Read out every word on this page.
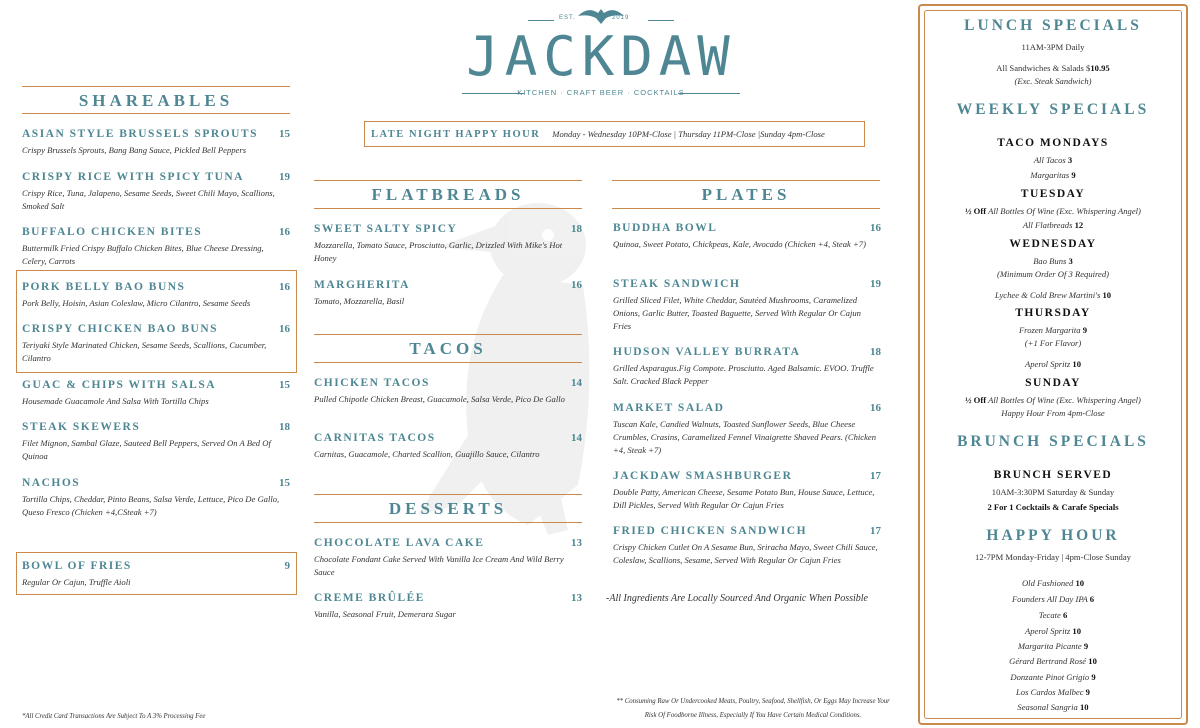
EST.	2019
JACKDAW
KITCHEN · CRAFT BEER · COCKTAILS
LATE NIGHT HAPPY HOUR Monday - Wednesday 10PM-Close | Thursday 11PM-Close |Sunday 4pm-Close
SHAREABLES
ASIAN STYLE BRUSSELS SPROUTS	15
Crispy Brussels Sprouts, Bang Bang Sauce, Pickled Bell Peppers
CRISPY RICE WITH SPICY TUNA	19
Crispy Rice, Tuna, Jalapeno, Sesame Seeds, Sweet Chili Mayo, Scallions, Smoked Salt
BUFFALO CHICKEN BITES	16
Buttermilk Fried Crispy Buffalo Chicken Bites, Blue Cheese Dressing, Celery, Carrots
PORK BELLY BAO BUNS	16
Pork Belly, Hoisin, Asian Coleslaw, Micro Cilantro, Sesame Seeds
CRISPY CHICKEN BAO BUNS	16
Teriyaki Style Marinated Chicken, Sesame Seeds, Scallions, Cucumber, Cilantro
GUAC & CHIPS WITH SALSA	15
Housemade Guacamole And Salsa With Tortilla Chips
STEAK SKEWERS	18
Filet Mignon, Sambal Glaze, Sauteed Bell Peppers, Served On A Bed Of Quinoa
NACHOS	15
Tortilla Chips, Cheddar, Pinto Beans, Salsa Verde, Lettuce, Pico De Gallo, Queso Fresco (Chicken +4,CSteak +7)
BOWL OF FRIES	9
Regular Or Cajun, Truffle Aioli
FLATBREADS
SWEET SALTY SPICY	18
Mozzarella, Tomato Sauce, Prosciutto, Garlic, Drizzled With Mike's Hot Honey
MARGHERITA	16
Tomato, Mozzarella, Basil
TACOS
CHICKEN TACOS	14
Pulled Chipotle Chicken Breast, Guacamole, Salsa Verde, Pico De Gallo
CARNITAS TACOS	14
Carnitas, Guacamole, Charted Scallion, Guajillo Sauce, Cilantro
DESSERTS
CHOCOLATE LAVA CAKE	13
Chocolate Fondant Cake Served With Vanilla Ice Cream And Wild Berry Sauce
CREME BRÛLÉE	13
Vanilla, Seasonal Fruit, Demerara Sugar
PLATES
BUDDHA BOWL	16
Quinoa, Sweet Potato, Chickpeas, Kale, Avocado (Chicken +4, Steak +7)
STEAK SANDWICH	19
Grilled Sliced Filet, White Cheddar, Sautéed Mushrooms, Caramelized Onions, Garlic Butter, Toasted Baguette, Served With Regular Or Cajun Fries
HUDSON VALLEY BURRATA	18
Grilled Asparagus.Fig Compote. Prosciutto. Aged Balsamic. EVOO. Truffle Salt. Cracked Black Pepper
MARKET SALAD	16
Tuscan Kale, Candied Walnuts, Toasted Sunflower Seeds, Blue Cheese Crumbles, Crasins, Caramelized Fennel Vinaigrette Shaved Pears. (Chicken +4, Steak +7)
JACKDAW SMASHBURGER	17
Double Patty, American Cheese, Sesame Potato Bun, House Sauce, Lettuce, Dill Pickles, Served With Regular Or Cajun Fries
FRIED CHICKEN SANDWICH	17
Crispy Chicken Cutlet On A Sesame Bun, Sriracha Mayo, Sweet Chili Sauce, Coleslaw, Scallions, Sesame, Served With Regular Or Cajun Fries
-All Ingredients Are Locally Sourced And Organic When Possible
*All Credit Card Transactions Are Subject To A 3% Processing Fee
** Consuming Raw Or Undercooked Meats, Poultry, Seafood, Shellfish, Or Eggs May Increase Your
Risk Of Foodborne Illness, Especially If You Have Certain Medical Conditions.
LUNCH SPECIALS
11AM-3PM Daily
All Sandwiches & Salads $10.95
(Exc. Steak Sandwich)
WEEKLY SPECIALS
TACO MONDAYS
All Tacos 3
Margaritas 9
TUESDAY
½ Off All Bottles Of Wine (Exc. Whispering Angel)
All Flatbreads 12
WEDNESDAY
Bao Buns 3
(Minimum Order Of 3 Required)
Lychee & Cold Brew Martini's 10
THURSDAY
Frozen Margarita 9
(+1 For Flavor)
Aperol Spritz 10
SUNDAY
½ Off All Bottles Of Wine (Exc. Whispering Angel)
Happy Hour From 4pm-Close
BRUNCH SPECIALS
BRUNCH SERVED
10AM-3:30PM Saturday & Sunday
2 For 1 Cocktails & Carafe Specials
HAPPY HOUR
12-7PM Monday-Friday | 4pm-Close Sunday
Old Fashioned 10
Founders All Day IPA 6
Tecate 6
Aperol Spritz 10
Margarita Picante 9
Gérard Bertrand Rosé 10
Donzante Pinot Grigio 9
Los Cardos Malbec 9
Seasonal Sangria 10
